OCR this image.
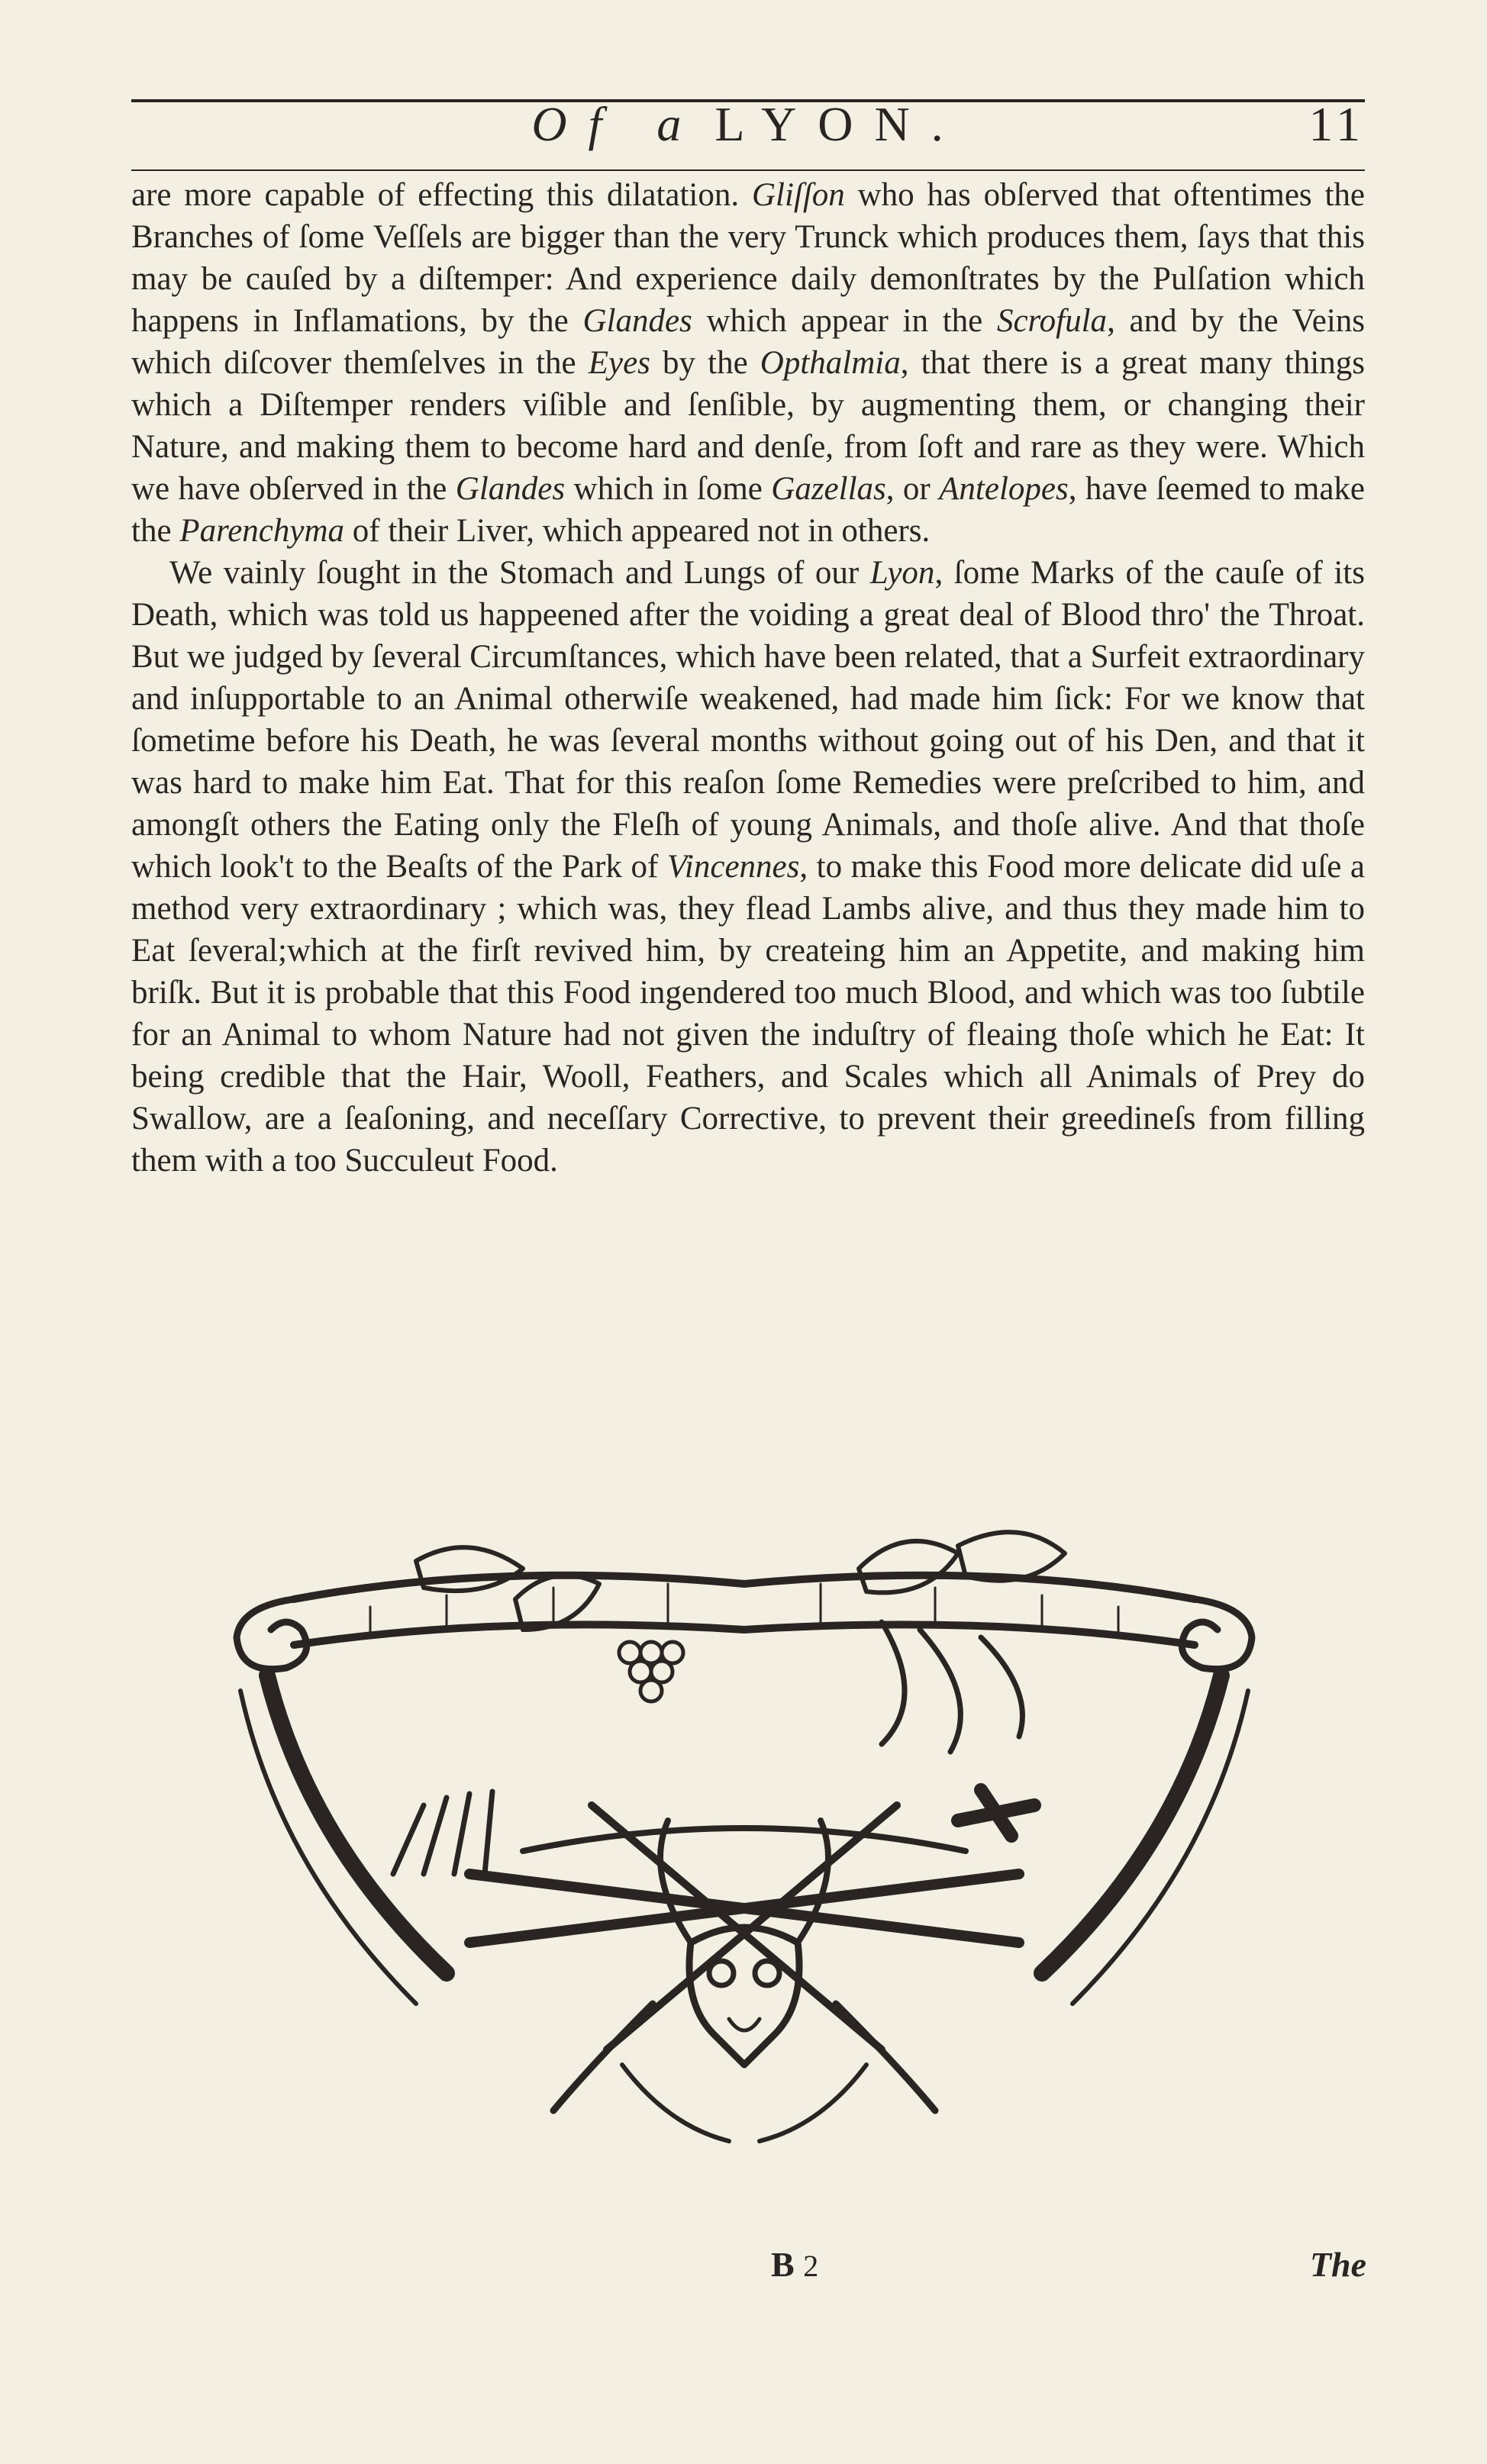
Of a LYON.	11

are more capable of effecting this dilatation. Gliſſon who has obſerved that oftentimes the Branches of ſome Veſſels are bigger than the very Trunck which produces them, ſays that this may be cauſed by a diſtemper: And experience daily demonſtrates by the Pulſation which happens in Inflamations, by the Glandes which appear in the Scrofula, and by the Veins which diſcover themſelves in the Eyes by the Opthalmia, that there is a great many things which a Diſtemper renders viſible and ſenſible, by augmenting them, or changing their Nature, and making them to become hard and denſe, from ſoft and rare as they were. Which we have obſerved in the Glandes which in ſome Gazellas, or Antelopes, have ſeemed to make the Parenchyma of their Liver, which appeared not in others.

We vainly ſought in the Stomach and Lungs of our Lyon, ſome Marks of the cauſe of its Death, which was told us happeened after the voiding a great deal of Blood thro' the Throat. But we judged by ſeveral Circumſtances, which have been related, that a Surfeit extraordinary and inſupportable to an Animal otherwiſe weakened, had made him ſick: For we know that ſometime before his Death, he was ſeveral months without going out of his Den, and that it was hard to make him Eat. That for this reaſon ſome Remedies were preſcribed to him, and amongſt others the Eating only the Fleſh of young Animals, and thoſe alive. And that thoſe which look't to the Beaſts of the Park of Vincennes, to make this Food more delicate did uſe a method very extraordinary ; which was, they flead Lambs alive, and thus they made him to Eat ſeveral;which at the firſt revived him, by createing him an Appetite, and making him briſk. But it is probable that this Food ingendered too much Blood, and which was too ſubtile for an Animal to whom Nature had not given the induſtry of fleaing thoſe which he Eat: It being credible that the Hair, Wooll, Feathers, and Scales which all Animals of Prey do Swallow, are a ſeaſoning, and neceſſary Corrective, to prevent their greedineſs from filling them with a too Succuleut Food.

B 2	The
